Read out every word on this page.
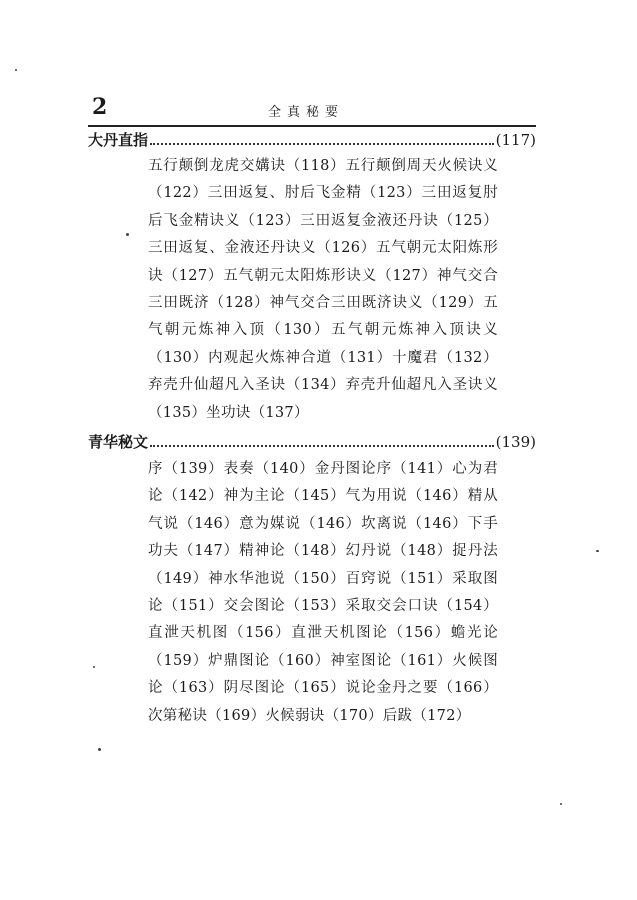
2	全真秘要
大丹直指	(117)
五行颠倒龙虎交媾诀（118）五行颠倒周天火候诀义（122）三田返复、肘后飞金精（123）三田返复肘后飞金精诀义（123）三田返复金液还丹诀（125）三田返复、金液还丹诀义（126）五气朝元太阳炼形诀（127）五气朝元太阳炼形诀义（127）神气交合三田既济（128）神气交合三田既济诀义（129）五气朝元炼神入顶（130）五气朝元炼神入顶诀义（130）内观起火炼神合道（131）十魔君（132）弃壳升仙超凡入圣诀（134）弃壳升仙超凡入圣诀义（135）坐功诀（137）
青华秘文	(139)
序（139）表奏（140）金丹图论序（141）心为君论（142）神为主论（145）气为用说（146）精从气说（146）意为媒说（146）坎离说（146）下手功夫（147）精神论（148）幻丹说（148）捉丹法（149）神水华池说（150）百窍说（151）采取图论（151）交会图论（153）采取交会口诀（154）直泄天机图（156）直泄天机图论（156）蟾光论（159）炉鼎图论（160）神室图论（161）火候图论（163）阴尽图论（165）说论金丹之要（166）次第秘诀（169）火候弱诀（170）后跋（172）
